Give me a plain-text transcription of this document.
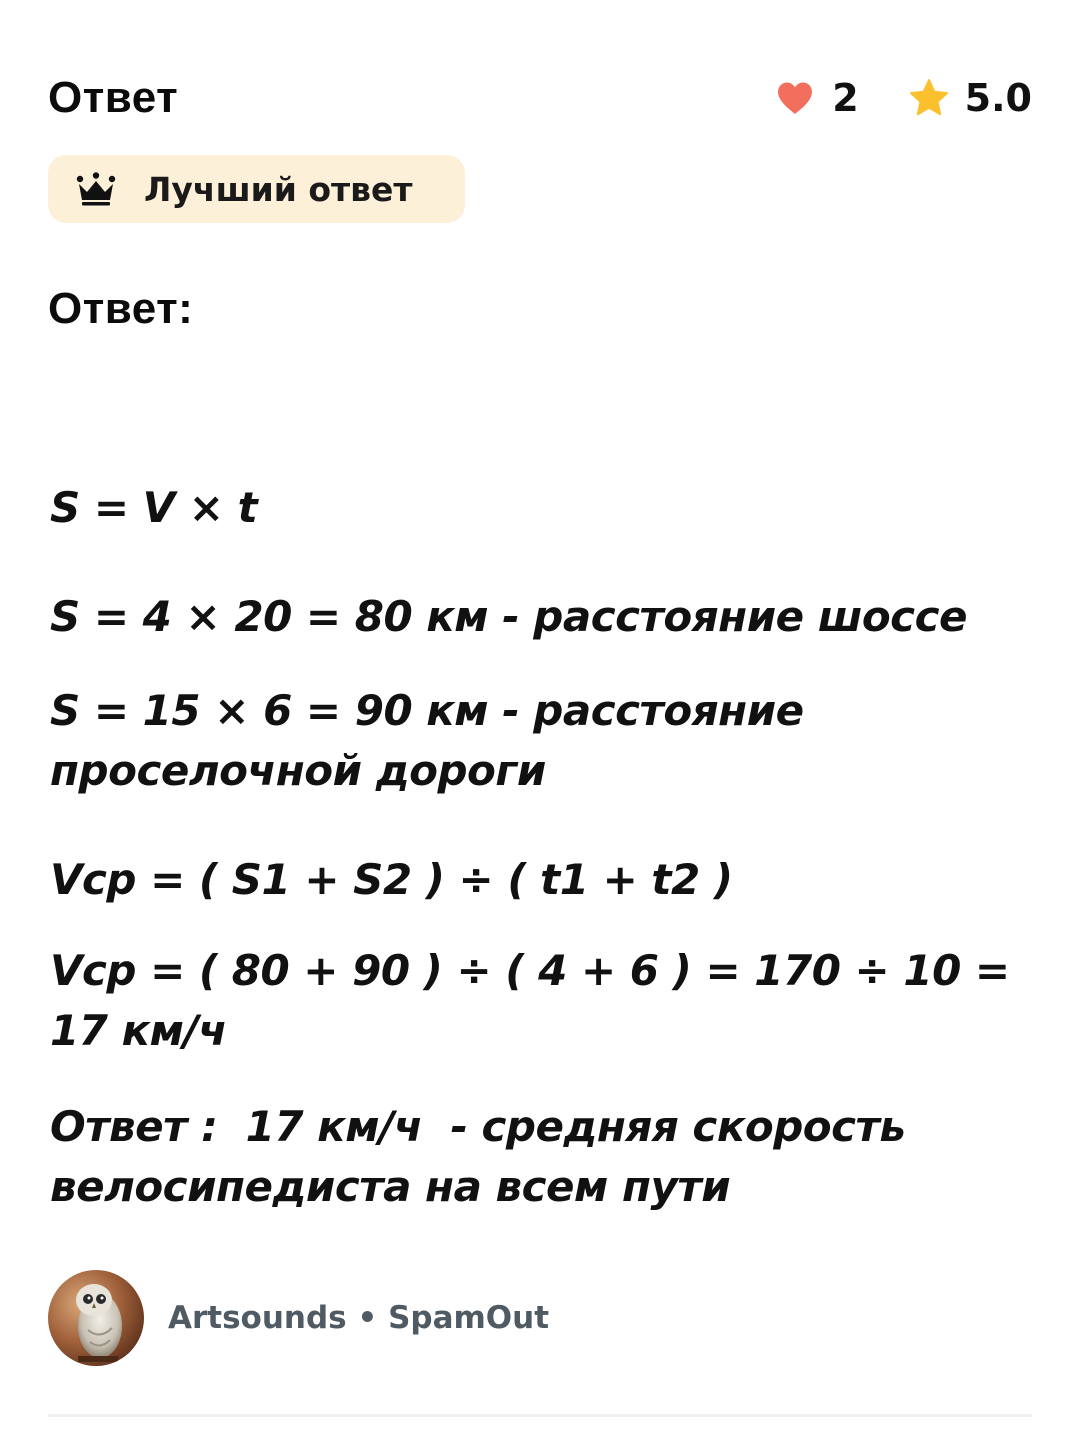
Ответ	2	5.0
Лучший ответ
Ответ:
S = V × t
S = 4 × 20 = 80 км - расстояние шоссе
S = 15 × 6 = 90 км - расстояние проселочной дороги
Vср = ( S1 + S2 ) ÷ ( t1 + t2 )
Vср = ( 80 + 90 ) ÷ ( 4 + 6 ) = 170 ÷ 10 = 17 км/ч
Ответ :  17 км/ч  - средняя скорость велосипедиста на всем пути
Artsounds • SpamOut
